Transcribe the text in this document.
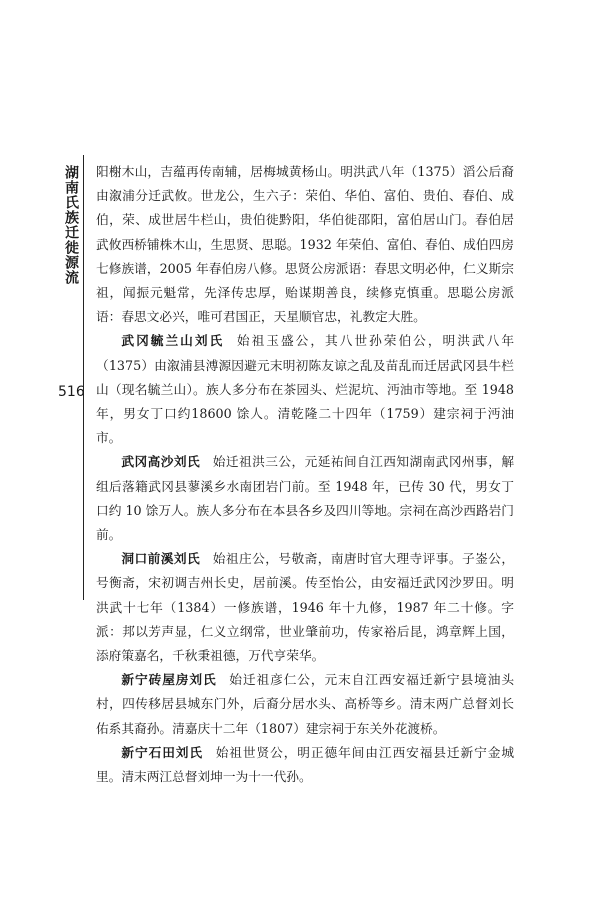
湖南氏族迁徙源流
516

阳榭木山，吉蕴再传南辅，居梅城黄杨山。明洪武八年（1375）滔公后裔由溆浦分迁武攸。世龙公，生六子：荣伯、华伯、富伯、贵伯、春伯、成伯，荣、成世居牛栏山，贵伯徙黔阳，华伯徙邵阳，富伯居山门。春伯居武攸西桥铺株木山，生思贤、思聪。1932 年荣伯、富伯、春伯、成伯四房七修族谱，2005 年春伯房八修。思贤公房派语：春思文明必仲，仁义斯宗祖，闻振元魁常，先泽传忠厚，贻谋期善良，续修克慎重。思聪公房派语：春思文必兴，唯可君国正，天星顺官忠，礼教定大胜。

武冈毓兰山刘氏 始祖玉盛公，其八世孙荣伯公，明洪武八年（1375）由溆浦县溥源因避元末明初陈友谅之乱及苗乱而迁居武冈县牛栏山（现名毓兰山）。族人多分布在茶园头、烂泥坑、沔油市等地。至 1948 年，男女丁口约18600 馀人。清乾隆二十四年（1759）建宗祠于沔油市。

武冈高沙刘氏 始迁祖洪三公，元延祐间自江西知湖南武冈州事，解组后落籍武冈县蓼溪乡水南团岩门前。至 1948 年，已传 30 代，男女丁口约 10 馀万人。族人多分布在本县各乡及四川等地。宗祠在高沙西路岩门前。

洞口前溪刘氏 始祖庄公，号敬斋，南唐时官大理寺评事。子崟公，号衡斋，宋初调吉州长史，居前溪。传至怡公，由安福迁武冈沙罗田。明洪武十七年（1384）一修族谱，1946 年十九修，1987 年二十修。字派：邦以芳声显，仁义立纲常，世业肇前功，传家裕后昆，鸿章辉上国，添府策嘉名，千秋秉祖德，万代亨荣华。

新宁砖屋房刘氏 始迁祖彦仁公，元末自江西安福迁新宁县境油头村，四传移居县城东门外，后裔分居水头、高桥等乡。清末两广总督刘长佑系其裔孙。清嘉庆十二年（1807）建宗祠于东关外花渡桥。

新宁石田刘氏 始祖世贤公，明正德年间由江西安福县迁新宁金城里。清末两江总督刘坤一为十一代孙。
